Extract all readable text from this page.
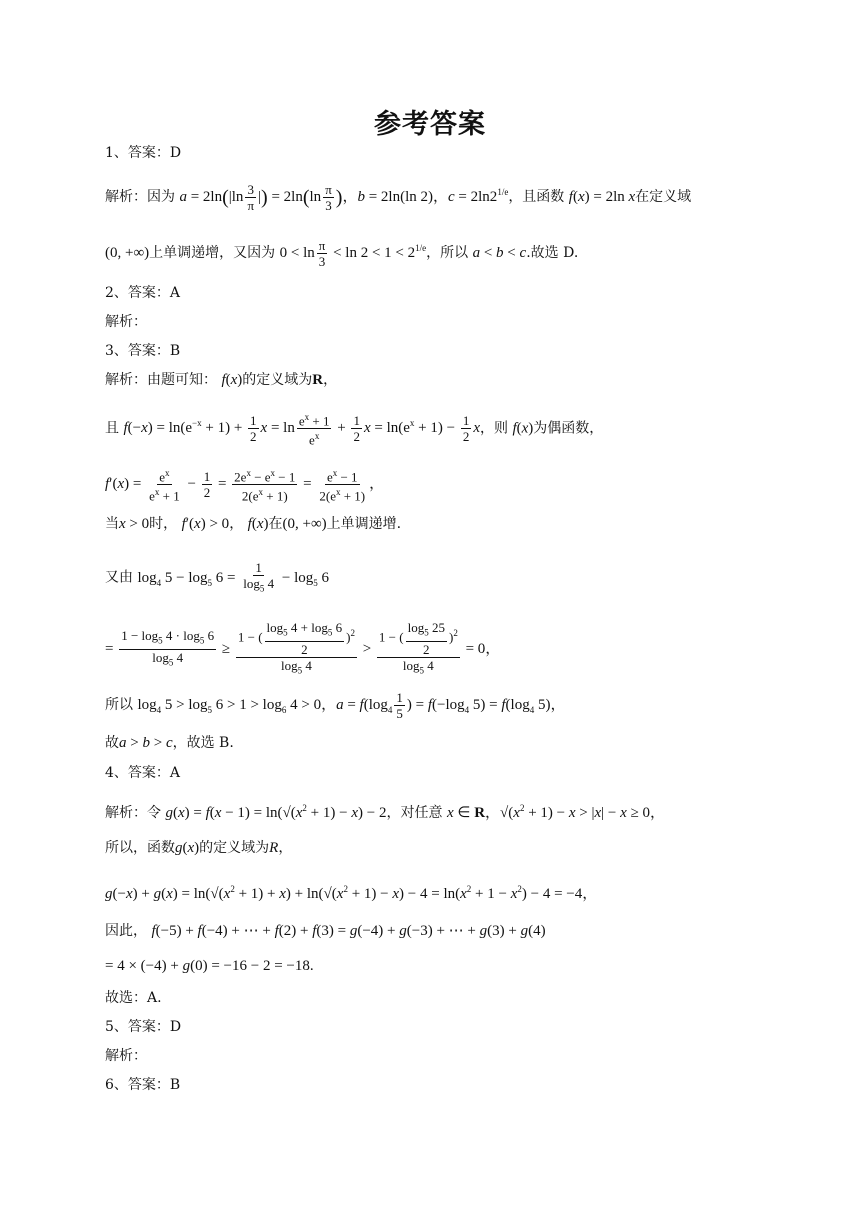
参考答案
1、答案：D
解析：因为 $a = 2\ln(|\ln \frac{3}{\pi}$ |) = $2\ln(\ln \frac{\pi}{3}$ )，b = 2ln(ln 2)，$c = 2\ln 2^{1/e}$，且函数 f(x) = 2ln x在定义域
(0, +∞)上单调递增，又因为 $0 < \ln \frac{\pi}{3} < \ln 2 < 1 < 2^{1/e}$，所以 a < b < c.故选 D.
2、答案：A
解析：
3、答案：B
解析：由题可知： f(x)的定义域为R，
且 $f(-x) = \ln(e^{-x} + 1) + \frac{1}{2}$ $x = \ln \frac{e^x + 1}{e^x} + \frac{1}{2}$ $x = \ln(e^x + 1) - \frac{1}{2}$ x，则 f(x)为偶函数，
$f'(x) = \frac{e^x}{e^x + 1} - \frac{1}{2} = \frac{2e^x - e^x - 1}{2(e^x + 1)} = \frac{e^x - 1}{2(e^x + 1)}$ ，
当x > 0时， f′(x) > 0， f(x)在(0, +∞)上单调递增.
又由 $\log_4 5 - \log_5 6 = \frac{1}{\log_5 4} - \log_5 6$
= $\frac{1 - \log_5 4 \cdot \log_5 6}{\log_5 4} \ge \frac{1 - ( \frac{\log_5 4 + \log_5 6}{2} )^2}{\log_5 4} > \frac{1 - ( \frac{\log_5 25}{2} )^2}{\log_5 4} = 0$，
所以 $\log_4 5 > \log_5 6 > 1 > \log_6 4 > 0$，$a = f(\log_4 \frac{1}{5}$ ) = $f(-\log_4$ $5) = f(\log_4$ 5)，
故a > b > c，故选 B.
4、答案：A
解析：令 $g(x) = f(x - 1) = \ln(√(x^2 + 1) - x) - 2$，对任意 x ∈ R，$√(x^2 + 1) - x > |x| - x \ge 0$，
所以，函数g(x)的定义域为R，
$g(-x) + g(x) = \ln(√(x^2 + 1) + x) + \ln(√(x^2 + 1) - x) - 4 = \ln(x^2 + 1 - x^2) - 4 = -4$，
因此， f(−5) + f(−4) + ⋯ + f(2) + f(3) = g(−4) + g(−3) + ⋯ + g(3) + g(4)
= 4 × (−4) + g(0) = −16 − 2 = −18.
故选：A.
5、答案：D
解析：
6、答案：B
